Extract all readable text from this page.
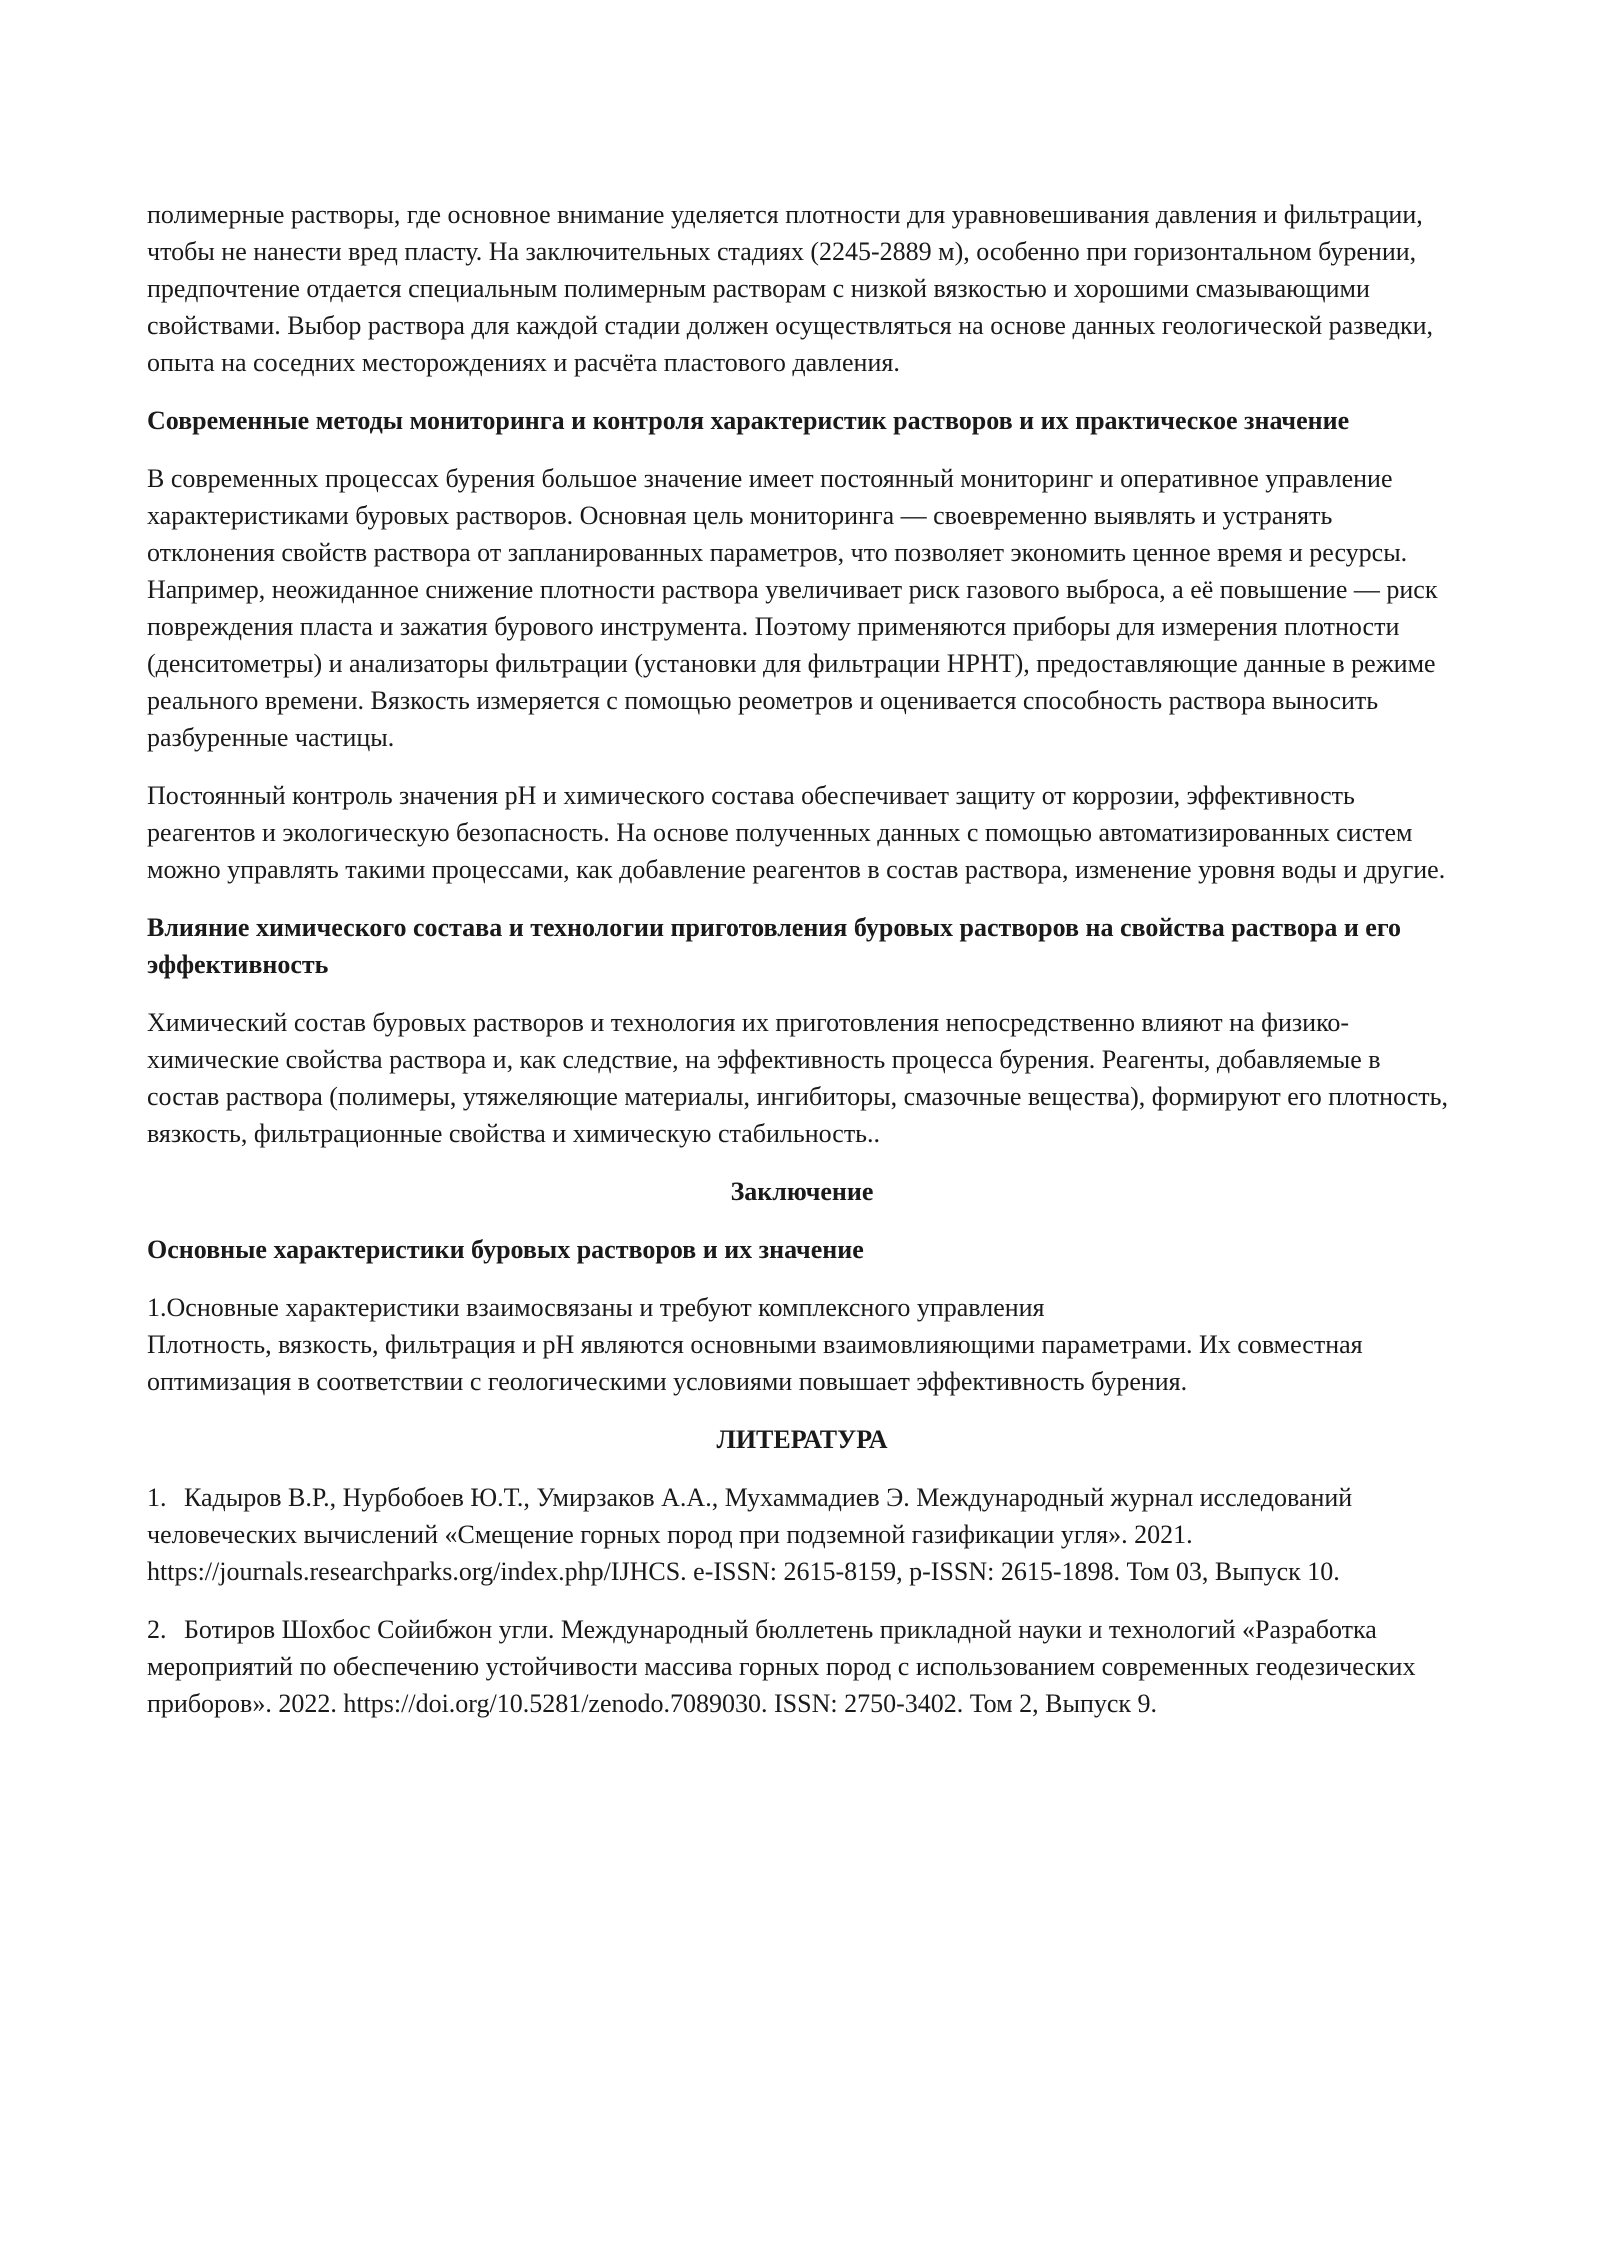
полимерные растворы, где основное внимание уделяется плотности для уравновешивания давления и фильтрации, чтобы не нанести вред пласту. На заключительных стадиях (2245-2889 м), особенно при горизонтальном бурении, предпочтение отдается специальным полимерным растворам с низкой вязкостью и хорошими смазывающими свойствами. Выбор раствора для каждой стадии должен осуществляться на основе данных геологической разведки, опыта на соседних месторождениях и расчёта пластового давления.

Современные методы мониторинга и контроля характеристик растворов и их практическое значение

В современных процессах бурения большое значение имеет постоянный мониторинг и оперативное управление характеристиками буровых растворов. Основная цель мониторинга — своевременно выявлять и устранять отклонения свойств раствора от запланированных параметров, что позволяет экономить ценное время и ресурсы. Например, неожиданное снижение плотности раствора увеличивает риск газового выброса, а её повышение — риск повреждения пласта и зажатия бурового инструмента. Поэтому применяются приборы для измерения плотности (денситометры) и анализаторы фильтрации (установки для фильтрации HPHT), предоставляющие данные в режиме реального времени. Вязкость измеряется с помощью реометров и оценивается способность раствора выносить разбуренные частицы.

Постоянный контроль значения pH и химического состава обеспечивает защиту от коррозии, эффективность реагентов и экологическую безопасность. На основе полученных данных с помощью автоматизированных систем можно управлять такими процессами, как добавление реагентов в состав раствора, изменение уровня воды и другие.

Влияние химического состава и технологии приготовления буровых растворов на свойства раствора и его эффективность

Химический состав буровых растворов и технология их приготовления непосредственно влияют на физико-химические свойства раствора и, как следствие, на эффективность процесса бурения. Реагенты, добавляемые в состав раствора (полимеры, утяжеляющие материалы, ингибиторы, смазочные вещества), формируют его плотность, вязкость, фильтрационные свойства и химическую стабильность..

Заключение
Основные характеристики буровых растворов и их значение

1.Основные характеристики взаимосвязаны и требуют комплексного управления
Плотность, вязкость, фильтрация и pH являются основными взаимовлияющими параметрами. Их совместная оптимизация в соответствии с геологическими условиями повышает эффективность бурения.

ЛИТЕРАТУРА

1. Кадыров В.Р., Нурбобоев Ю.Т., Умирзаков А.А., Мухаммадиев Э. Международный журнал исследований человеческих вычислений «Смещение горных пород при подземной газификации угля». 2021. https://journals.researchparks.org/index.php/IJHCS. e-ISSN: 2615-8159, p-ISSN: 2615-1898. Том 03, Выпуск 10.

2. Ботиров Шохбос Сойибжон угли. Международный бюллетень прикладной науки и технологий «Разработка мероприятий по обеспечению устойчивости массива горных пород с использованием современных геодезических приборов». 2022. https://doi.org/10.5281/zenodo.7089030. ISSN: 2750-3402. Том 2, Выпуск 9.
